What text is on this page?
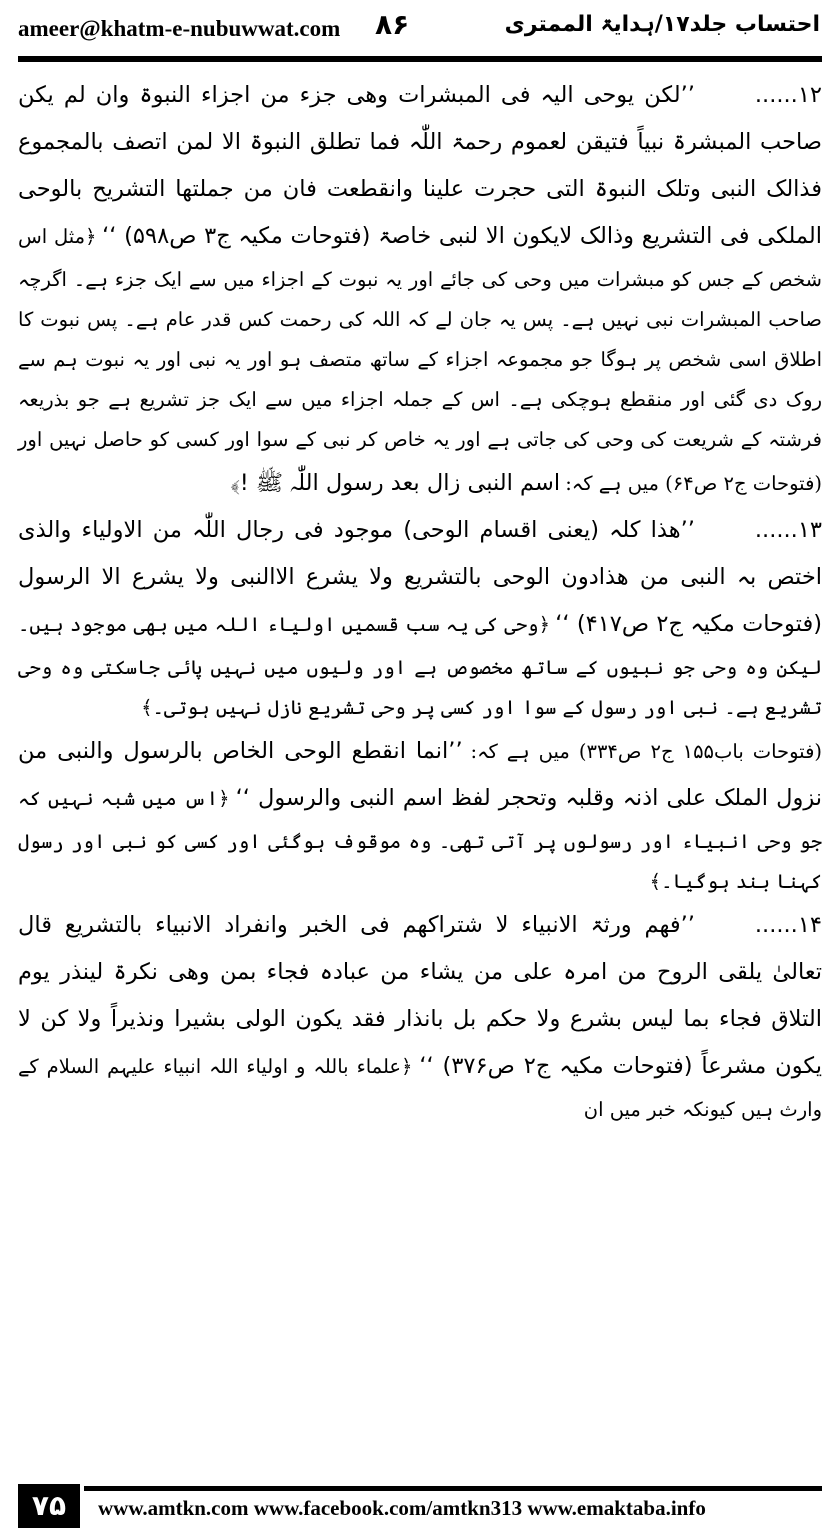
ameer@khatm-e-nubuwwat.com ۸۶	احتساب جلد۱۷/ہدایۃ الممتری

۱۲......’’لکن یوحی الیہ فی المبشرات وھی جزء من اجزاء النبوۃ وان لم یکن صاحب المبشرۃ نبیاً فتیقن لعموم رحمۃ اللّٰہ فما تطلق النبوۃ الا لمن اتصف بالمجموع فذالک النبی وتلک النبوۃ التی حجرت علینا وانقطعت فان من جملتھا التشریح بالوحی الملکی فی التشریع وذالک لایکون الا لنبی خاصۃ (فتوحات مکیہ ج۳ ص۵۹۸) ‘‘ ﴿مثل اس شخص کے جس کو مبشرات میں وحی کی جائے اور یہ نبوت کے اجزاء میں سے ایک جزء ہے۔ اگرچہ صاحب المبشرات نبی نہیں ہے۔ پس یہ جان لے کہ اللہ کی رحمت کس قدر عام ہے۔ پس نبوت کا اطلاق اسی شخص پر ہوگا جو مجموعہ اجزاء کے ساتھ متصف ہو اور یہ نبی اور یہ نبوت ہم سے روک دی گئی اور منقطع ہوچکی ہے۔ اس کے جملہ اجزاء میں سے ایک جز تشریع ہے جو بذریعہ فرشتہ کے شریعت کی وحی کی جاتی ہے اور یہ خاص کر نبی کے سوا اور کسی کو حاصل نہیں اور (فتوحات ج۲ ص۶۴) میں ہے کہ: اسم النبی زال بعد رسول اللّٰہ ﷺ !﴾

۱۳......’’ھذا کلہ (یعنی اقسام الوحی) موجود فی رجال اللّٰہ من الاولیاء والذی اختص بہ النبی من ھذادون الوحی بالتشریع ولا یشرع الاالنبی ولا یشرع الا الرسول (فتوحات مکیہ ج۲ ص۴۱۷) ‘‘ ﴿وحی کی یہ سب قسمیں اولیاء اللہ میں بھی موجود ہیں۔ لیکن وہ وحی جو نبیوں کے ساتھ مخصوص ہے اور ولیوں میں نہیں پائی جاسکتی وہ وحی تشریع ہے۔ نبی اور رسول کے سوا اور کسی پر وحی تشریع نازل نہیں ہوتی۔﴾

(فتوحات باب۱۵۵ ج۲ ص۳۳۴) میں ہے کہ: ’’انما انقطع الوحی الخاص بالرسول والنبی من نزول الملک علی اذنہ وقلبہ وتحجر لفظ اسم النبی والرسول ‘‘ ﴿اس میں شبہ نہیں کہ جو وحی انبیاء اور رسولوں پر آتی تھی۔ وہ موقوف ہوگئی اور کسی کو نبی اور رسول کہنا بند ہوگیا۔﴾

۱۴......’’فھم ورثۃ الانبیاء لا شتراکھم فی الخبر وانفراد الانبیاء بالتشریع قال تعالیٰ یلقی الروح من امرہ علی من یشاء من عبادہ فجاء بمن وھی نکرۃ لینذر یوم التلاق فجاء بما لیس بشرع ولا حکم بل بانذار فقد یکون الولی بشیرا ونذیراً ولا کن لا یکون مشرعاً (فتوحات مکیہ ج۲ ص۳۷۶) ‘‘ ﴿علماء باللہ و اولیاء اللہ انبیاء علیہم السلام کے وارث ہیں کیونکہ خبر میں ان

۷۵	www.amtkn.com www.facebook.com/amtkn313 www.emaktaba.info
